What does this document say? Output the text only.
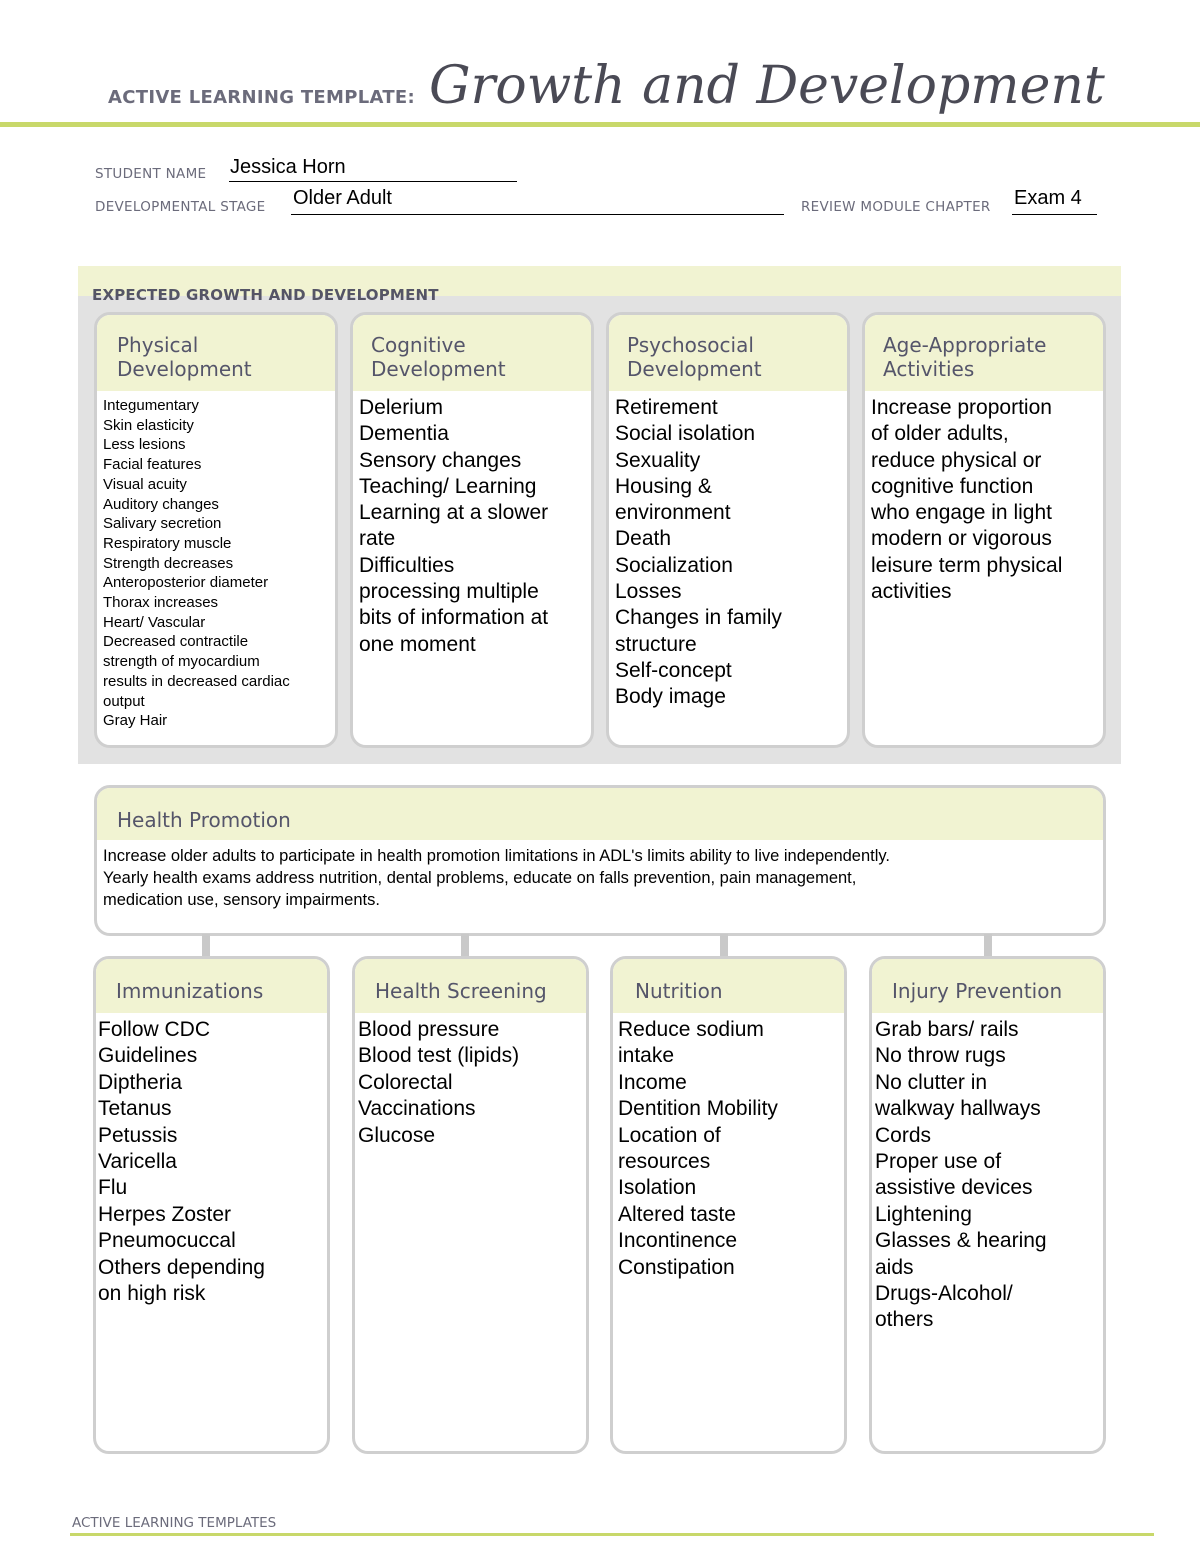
ACTIVE LEARNING TEMPLATE: Growth and Development
STUDENT NAME Jessica Horn
DEVELOPMENTAL STAGE Older Adult	REVIEW MODULE CHAPTER Exam 4
EXPECTED GROWTH AND DEVELOPMENT
Physical
Development
Integumentary
Skin elasticity
Less lesions
Facial features
Visual acuity
Auditory changes
Salivary secretion
Respiratory muscle
Strength decreases
Anteroposterior diameter
Thorax increases
Heart/ Vascular
Decreased contractile
strength of myocardium
results in decreased cardiac
output
Gray Hair
Cognitive
Development
Delerium
Dementia
Sensory changes
Teaching/ Learning
Learning at a slower
rate
Difficulties
processing multiple
bits of information at
one moment
Psychosocial
Development
Retirement
Social isolation
Sexuality
Housing &
environment
Death
Socialization
Losses
Changes in family
structure
Self-concept
Body image
Age-Appropriate
Activities
Increase proportion
of older adults,
reduce physical or
cognitive function
who engage in light
modern or vigorous
leisure term physical
activities
Health Promotion
Increase older adults to participate in health promotion limitations in ADL's limits ability to live independently.
Yearly health exams address nutrition, dental problems, educate on falls prevention, pain management,
medication use, sensory impairments.
Immunizations
Follow CDC
Guidelines
Diptheria
Tetanus
Petussis
Varicella
Flu
Herpes Zoster
Pneumocuccal
Others depending
on high risk
Health Screening
Blood pressure
Blood test (lipids)
Colorectal
Vaccinations
Glucose
Nutrition
Reduce sodium
intake
Income
Dentition Mobility
Location of
resources
Isolation
Altered taste
Incontinence
Constipation
Injury Prevention
Grab bars/ rails
No throw rugs
No clutter in
walkway hallways
Cords
Proper use of
assistive devices
Lightening
Glasses & hearing
aids
Drugs-Alcohol/
others
ACTIVE LEARNING TEMPLATES
